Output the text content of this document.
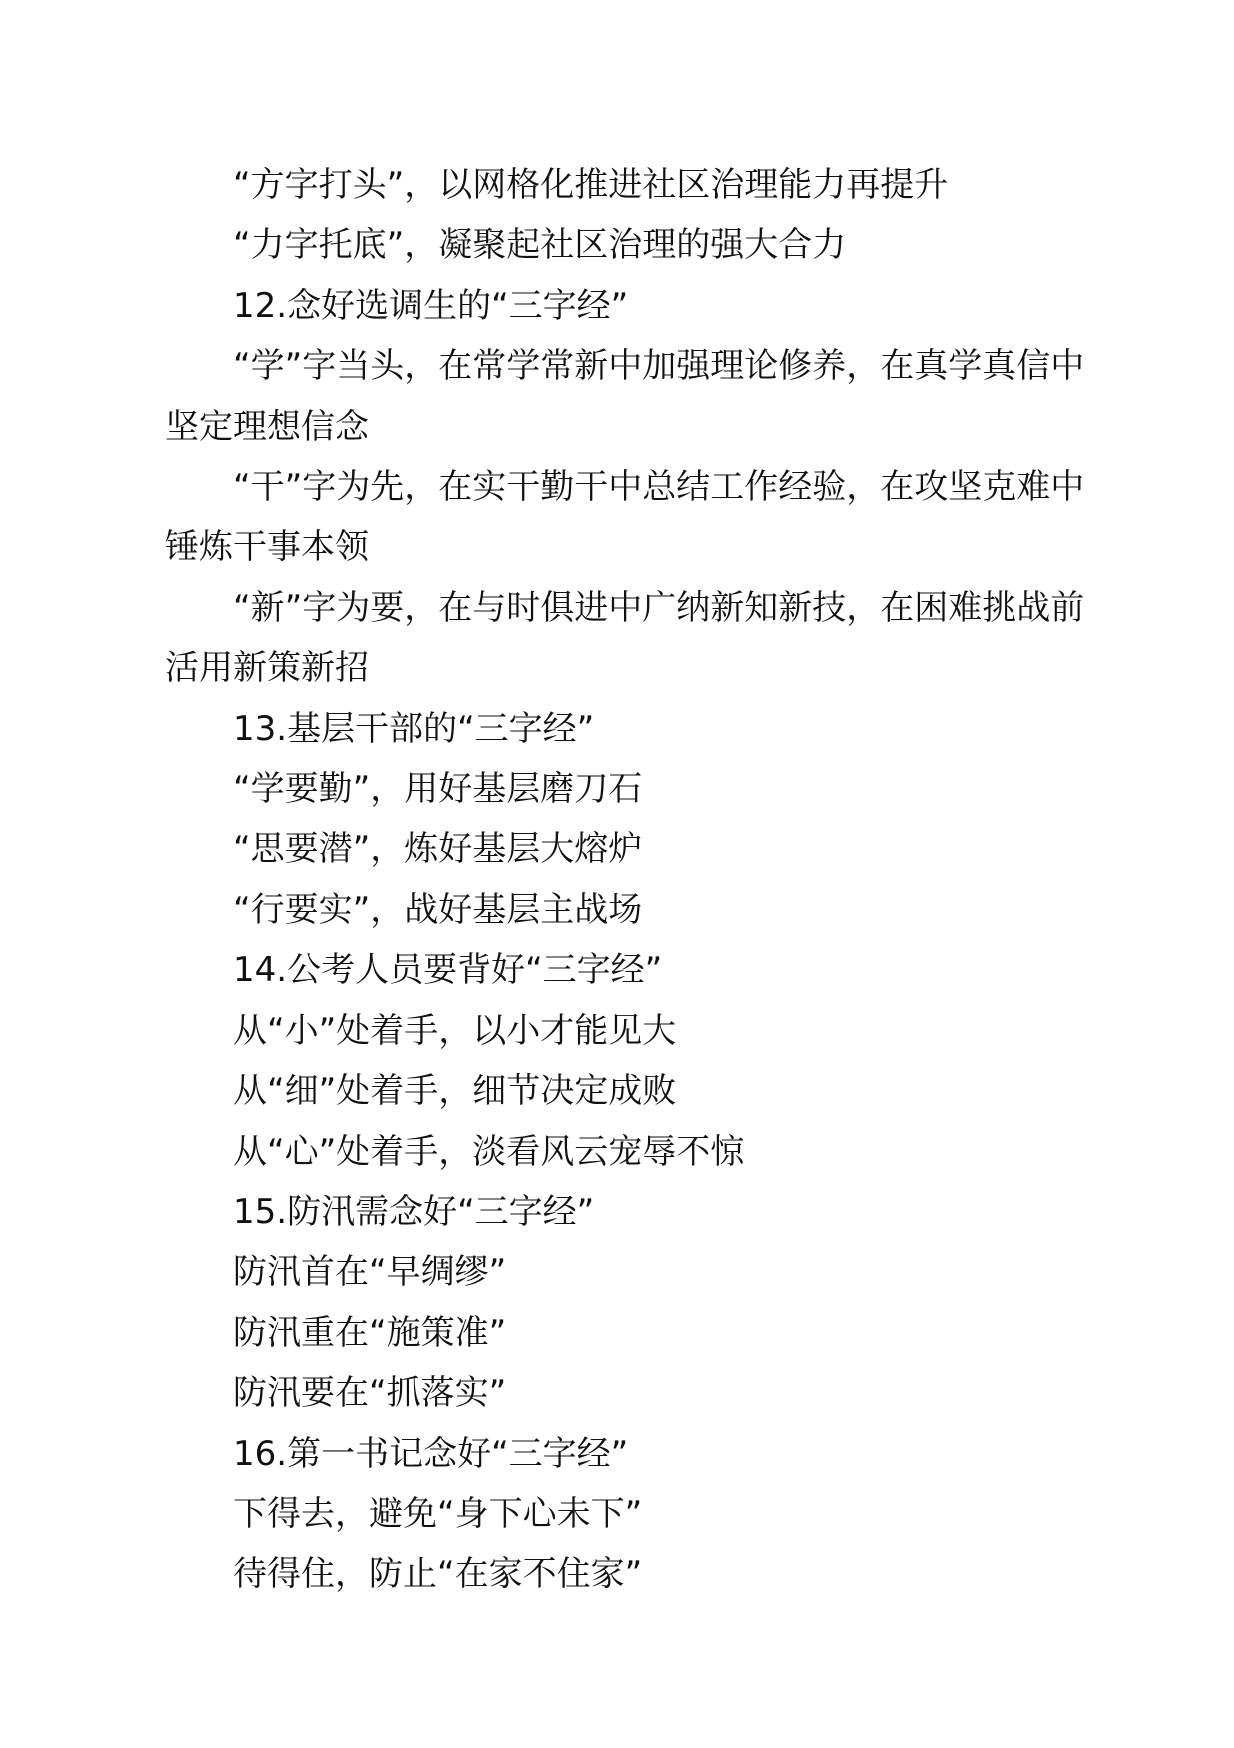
“方字打头”，以网格化推进社区治理能力再提升

“力字托底”，凝聚起社区治理的强大合力

12.念好选调生的“三字经”

“学”字当头，在常学常新中加强理论修养，在真学真信中坚定理想信念

“干”字为先，在实干勤干中总结工作经验，在攻坚克难中锤炼干事本领

“新”字为要，在与时俱进中广纳新知新技，在困难挑战前活用新策新招

13.基层干部的“三字经”

“学要勤”，用好基层磨刀石

“思要潜”，炼好基层大熔炉

“行要实”，战好基层主战场

14.公考人员要背好“三字经”

从“小”处着手，以小才能见大

从“细”处着手，细节决定成败

从“心”处着手，淡看风云宠辱不惊

15.防汛需念好“三字经”

防汛首在“早绸缪”

防汛重在“施策准”

防汛要在“抓落实”

16.第一书记念好“三字经”

下得去，避免“身下心未下”

待得住，防止“在家不住家”
